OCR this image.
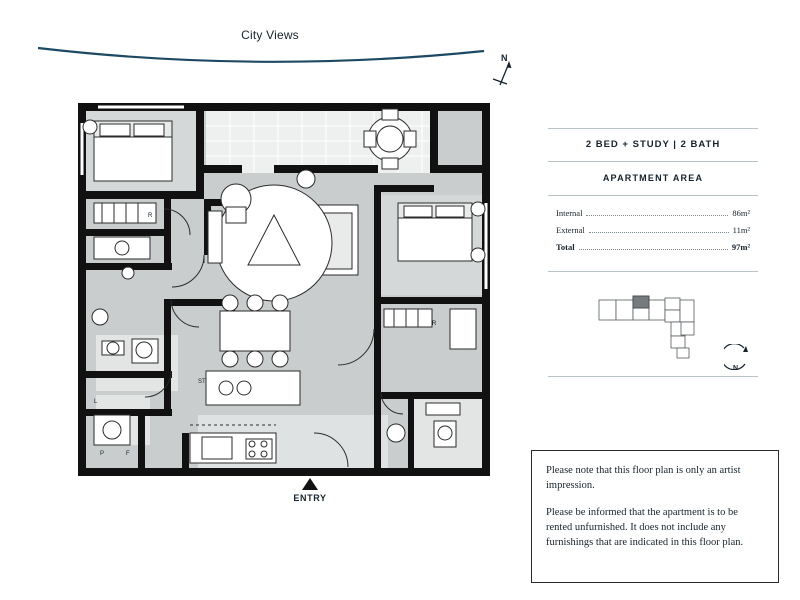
City Views
N
ST
P	F
R
R
L
ENTRY
2 BED + STUDY | 2 BATH
APARTMENT AREA
Internal	86m²
External	11m²
Total	97m²
N

Please note that this floor plan is only an artist impression.

Please be informed that the apartment is to be rented unfurnished. It does not include any furnishings that are indicated in this floor plan.
